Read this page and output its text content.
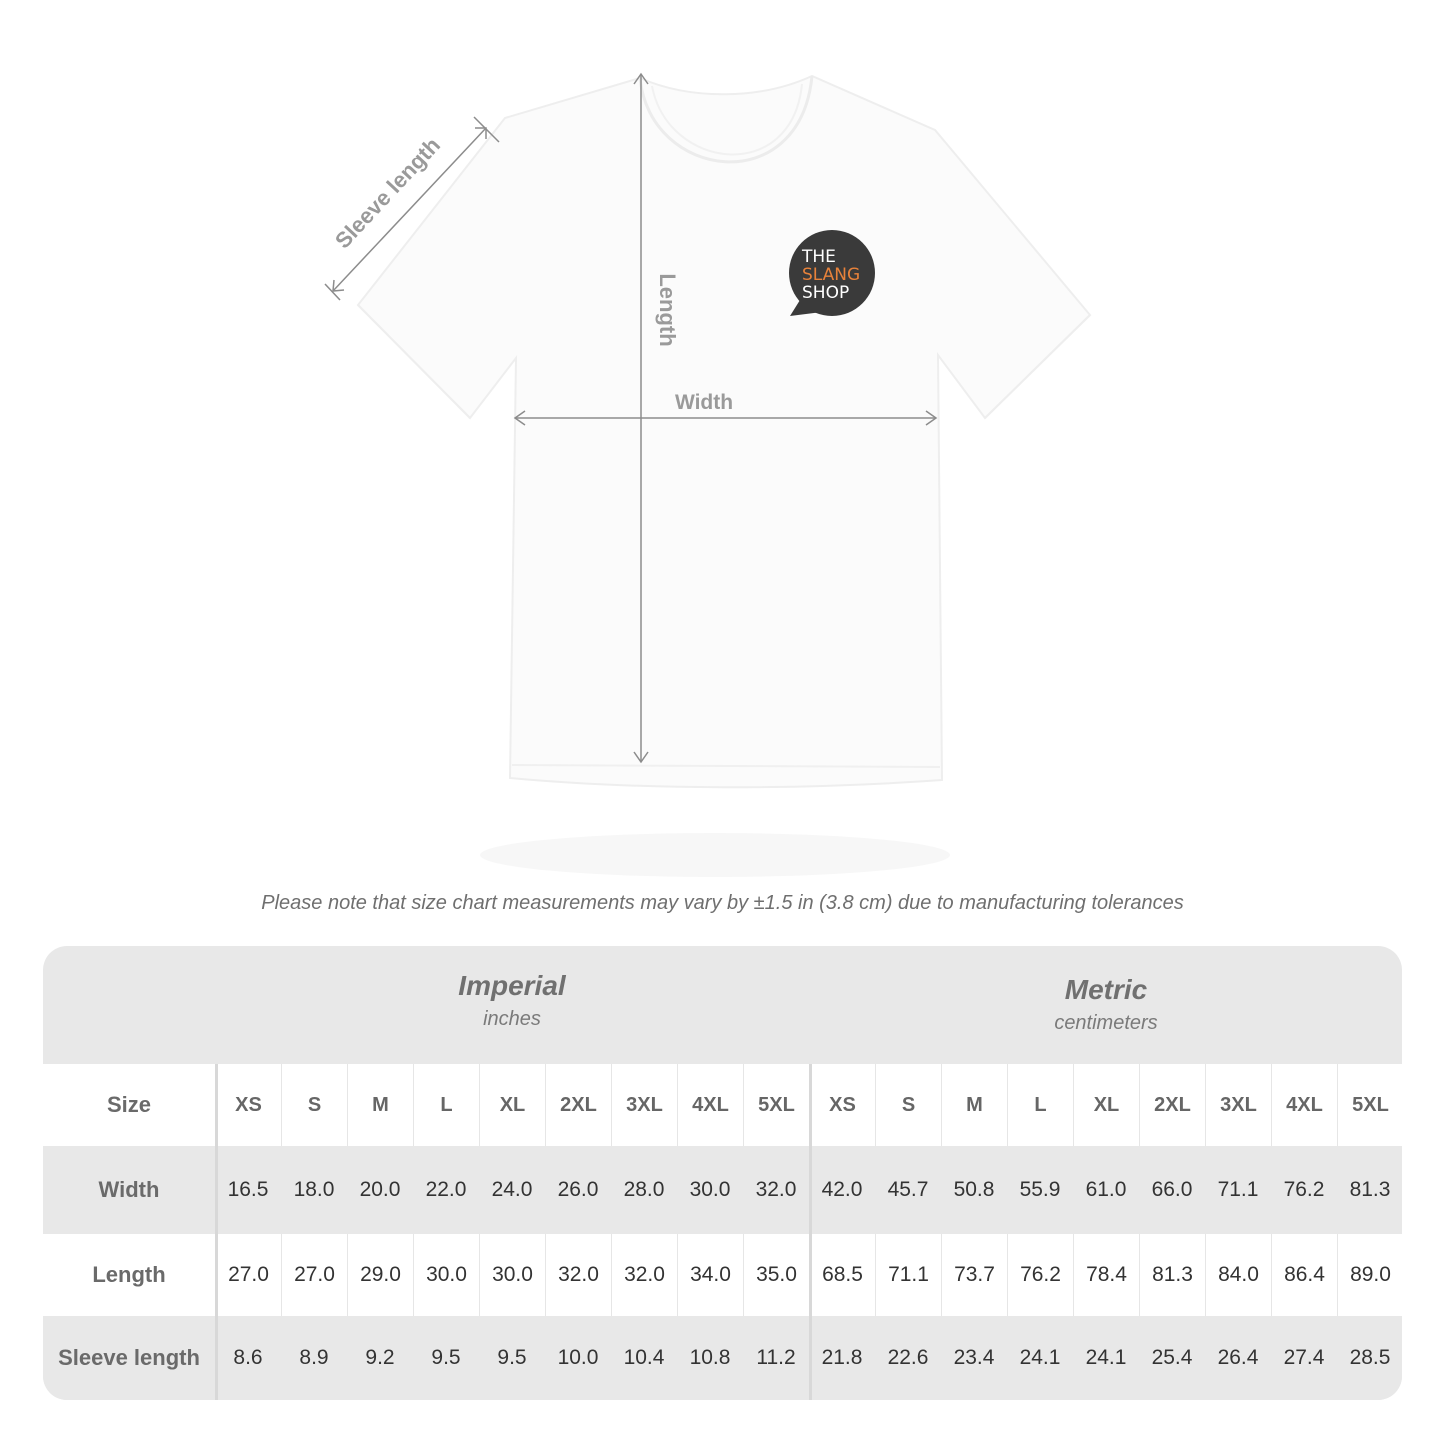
Sleeve length
Length
Width
THE
SLANG
SHOP
Please note that size chart measurements may vary by ±1.5 in (3.8 cm) due to manufacturing tolerances
Imperial
inches
Metric
centimeters
Size	XS	S	M	L	XL	2XL	3XL	4XL	5XL	XS	S	M	L	XL	2XL	3XL	4XL	5XL
Width	16.5	18.0	20.0	22.0	24.0	26.0	28.0	30.0	32.0	42.0	45.7	50.8	55.9	61.0	66.0	71.1	76.2	81.3
Length	27.0	27.0	29.0	30.0	30.0	32.0	32.0	34.0	35.0	68.5	71.1	73.7	76.2	78.4	81.3	84.0	86.4	89.0
Sleeve length	8.6	8.9	9.2	9.5	9.5	10.0	10.4	10.8	11.2	21.8	22.6	23.4	24.1	24.1	25.4	26.4	27.4	28.5
